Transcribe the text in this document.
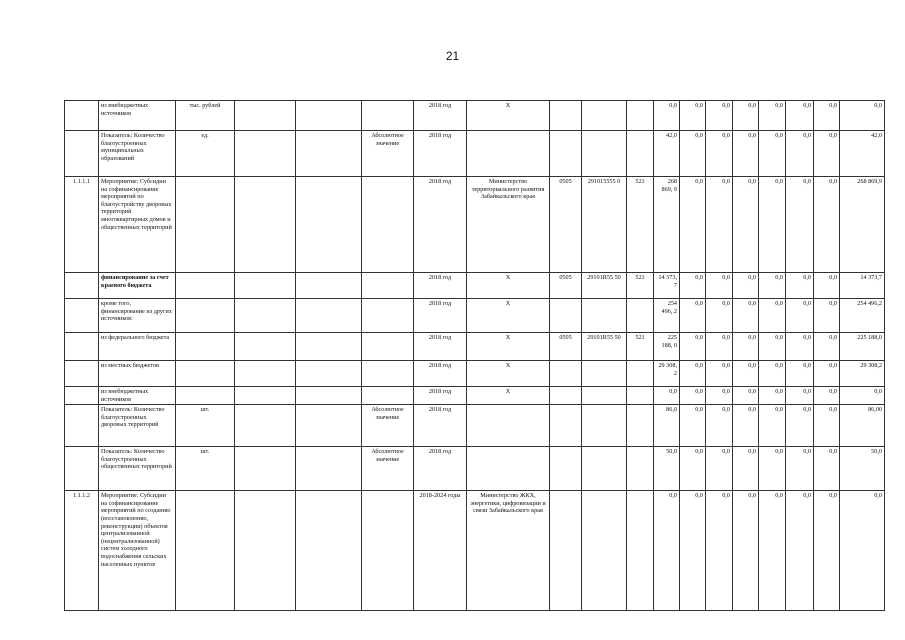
21
	из внебюджетных источников	тыс. рублей				2018 год	Х				0,0	0,0	0,0	0,0	0,0	0,0	0,0	0,0
	Показатель: Количество благоустроенных муниципальных образований	ед.			Абсолютное значение	2018 год					42,0	0,0	0,0	0,0	0,0	0,0	0,0	42,0
1.1.1.1	Мероприятие: Субсидии на софинансирование мероприятий по благоустройству дворовых территорий многоквартирных домов и общественных территорий					2018 год	Министерство территориального развития Забайкальского края	0505	291015555 0	521	268 869, 9	0,0	0,0	0,0	0,0	0,0	0,0	268 869,9
	финансирование за счет краевого бюджета					2018 год	Х	0505	29101R55 50	521	14 373, 7	0,0	0,0	0,0	0,0	0,0	0,0	14 373,7
	кроме того, финансирование из других источников:					2018 год	Х				254 496, 2	0,0	0,0	0,0	0,0	0,0	0,0	254 496,2
	из федерального бюджета					2018 год	Х	0505	29101R55 50	521	225 188, 0	0,0	0,0	0,0	0,0	0,0	0,0	225 188,0
	из местных бюджетов					2018 год	Х				29 308, 2	0,0	0,0	0,0	0,0	0,0	0,0	29 308,2
	из внебюджетных источников					2018 год	Х				0,0	0,0	0,0	0,0	0,0	0,0	0,0	0,0
	Показатель: Количество благоустроенных дворовых территорий	шт.			Абсолютное значение	2018 год					86,0	0,0	0,0	0,0	0,0	0,0	0,0	86,00
	Показатель: Количество благоустроенных общественных территорий	шт.			Абсолютное значение	2018 год					50,0	0,0	0,0	0,0	0,0	0,0	0,0	50,0
1.1.1.2	Мероприятие: Субсидии на софинансирование мероприятий по созданию (восстановлению, реконструкции) объектов централизованной (нецентрализованной) систем холодного водоснабжения сельских населенных пунктов					2018-2024 годы	Министерство ЖКХ, энергетики, цифровизации и связи Забайкальского края				0,0	0,0	0,0	0,0	0,0	0,0	0,0	0,0
